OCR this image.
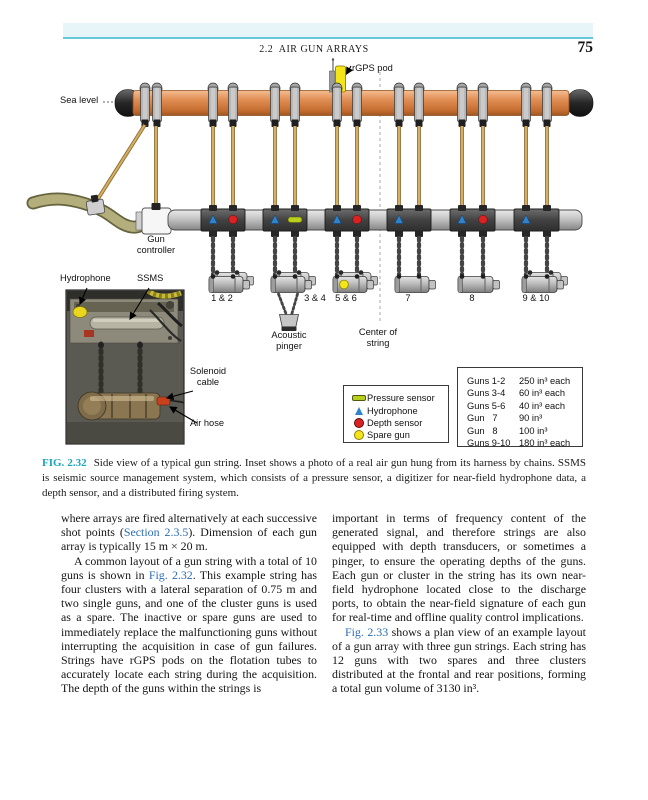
2.2  AIR GUN ARRAYS	75
Sea level
rGPS pod
Gun controller
Hydrophone	SSMS
Solenoid cable
Air hose
Acoustic pinger
Center of string
1 & 2	3 & 4 5 & 6	7	8	9 & 10
Pressure sensor
Hydrophone
Depth sensor
Spare gun
Guns 1-2 250 in³ each
Guns 3-4 60 in³ each
Guns 5-6 40 in³ each
Gun   7 90 in³
Gun   8 100 in³
Guns 9-10 180 in³ each
FIG. 2.32 Side view of a typical gun string. Inset shows a photo of a real air gun hung from its harness by chains. SSMS is seismic source management system, which consists of a pressure sensor, a digitizer for near-field hydrophone data, a depth sensor, and a distributed firing system.

where arrays are fired alternatively at each successive shot points (Section 2.3.5). Dimension of each gun array is typically 15 m × 20 m.

A common layout of a gun string with a total of 10 guns is shown in Fig. 2.32. This example string has four clusters with a lateral separation of 0.75 m and two single guns, and one of the cluster guns is used as a spare. The inactive or spare guns are used to immediately replace the malfunctioning guns without interrupting the acquisition in case of gun failures. Strings have rGPS pods on the flotation tubes to accurately locate each string during the acquisition. The depth of the guns within the strings is

important in terms of frequency content of the generated signal, and therefore strings are also equipped with depth transducers, or sometimes a pinger, to ensure the operating depths of the guns. Each gun or cluster in the string has its own near-field hydrophone located close to the discharge ports, to obtain the near-field signature of each gun for real-time and offline quality control implications.

Fig. 2.33 shows a plan view of an example layout of a gun array with three gun strings. Each string has 12 guns with two spares and three clusters distributed at the frontal and rear positions, forming a total gun volume of 3130 in³.
